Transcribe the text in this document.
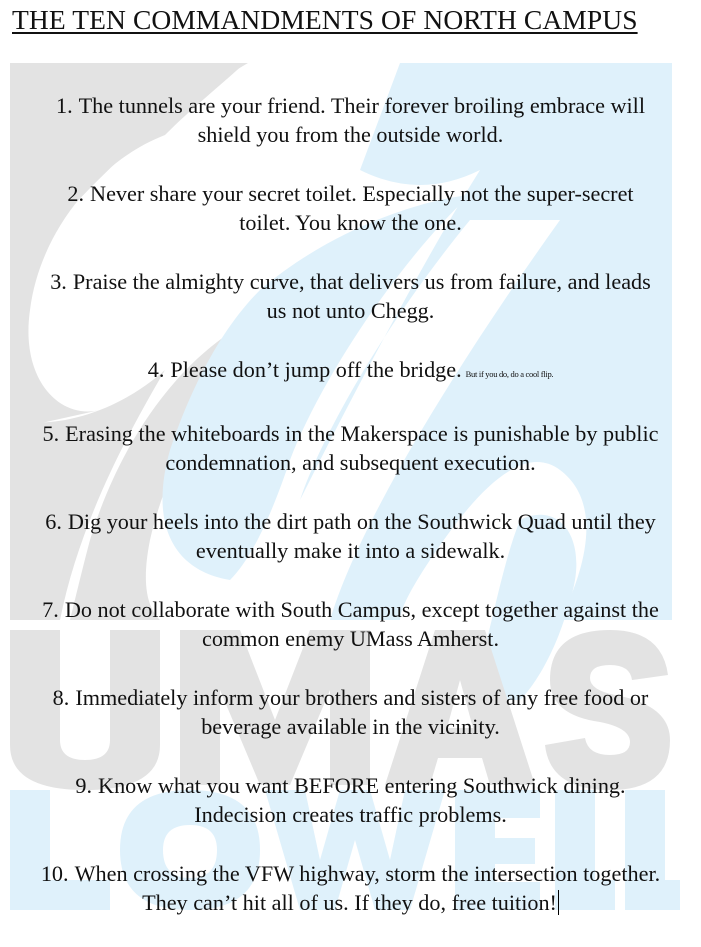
THE TEN COMMANDMENTS OF NORTH CAMPUS
1. The tunnels are your friend. Their forever broiling embrace will
shield you from the outside world.
2. Never share your secret toilet. Especially not the super-secret
toilet. You know the one.
3. Praise the almighty curve, that delivers us from failure, and leads
us not unto Chegg.
4. Please don’t jump off the bridge. But if you do, do a cool flip.
5. Erasing the whiteboards in the Makerspace is punishable by public
condemnation, and subsequent execution.
6. Dig your heels into the dirt path on the Southwick Quad until they
eventually make it into a sidewalk.
7. Do not collaborate with South Campus, except together against the
common enemy UMass Amherst.
8. Immediately inform your brothers and sisters of any free food or
beverage available in the vicinity.
9. Know what you want BEFORE entering Southwick dining.
Indecision creates traffic problems.
10. When crossing the VFW highway, storm the intersection together.
They can’t hit all of us. If they do, free tuition!
